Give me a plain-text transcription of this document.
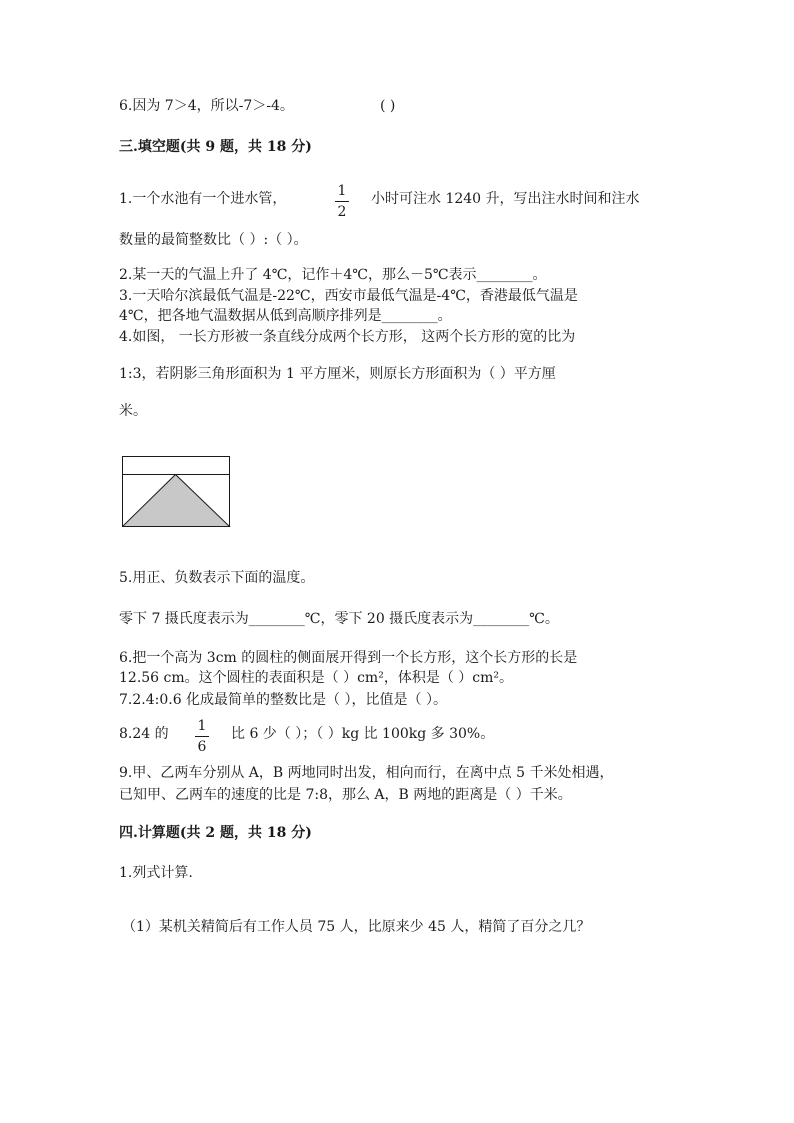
6.因为 7＞4，所以-7＞-4。	( )
三.填空题(共 9 题，共 18 分)
1.一个水池有一个进水管，	1
2
小时可注水 1240 升，写出注水时间和注水
数量的最简整数比（ ）:（ ）。
2.某一天的气温上升了 4℃，记作＋4℃，那么－5℃表示________。
3.一天哈尔滨最低气温是-22℃，西安市最低气温是-4℃，香港最低气温是
4℃，把各地气温数据从低到高顺序排列是________。
4.如图， 一长方形被一条直线分成两个长方形， 这两个长方形的宽的比为
1:3，若阴影三角形面积为 1 平方厘米，则原长方形面积为（ ）平方厘
米。
5.用正、负数表示下面的温度。
零下 7 摄氏度表示为________℃，零下 20 摄氏度表示为________℃。
6.把一个高为 3cm 的圆柱的侧面展开得到一个长方形，这个长方形的长是
12.56 cm。这个圆柱的表面积是（ ）cm²，体积是（ ）cm²。
7.2.4:0.6 化成最简单的整数比是（ ），比值是（ ）。
8.24 的 1
6
比 6 少（ ）；（ ）kg 比 100kg 多 30%。
9.甲、乙两车分别从 A，B 两地同时出发，相向而行，在离中点 5 千米处相遇，
已知甲、乙两车的速度的比是 7:8，那么 A，B 两地的距离是（ ）千米。
四.计算题(共 2 题，共 18 分)
1.列式计算.
（1）某机关精简后有工作人员 75 人，比原来少 45 人，精简了百分之几？
